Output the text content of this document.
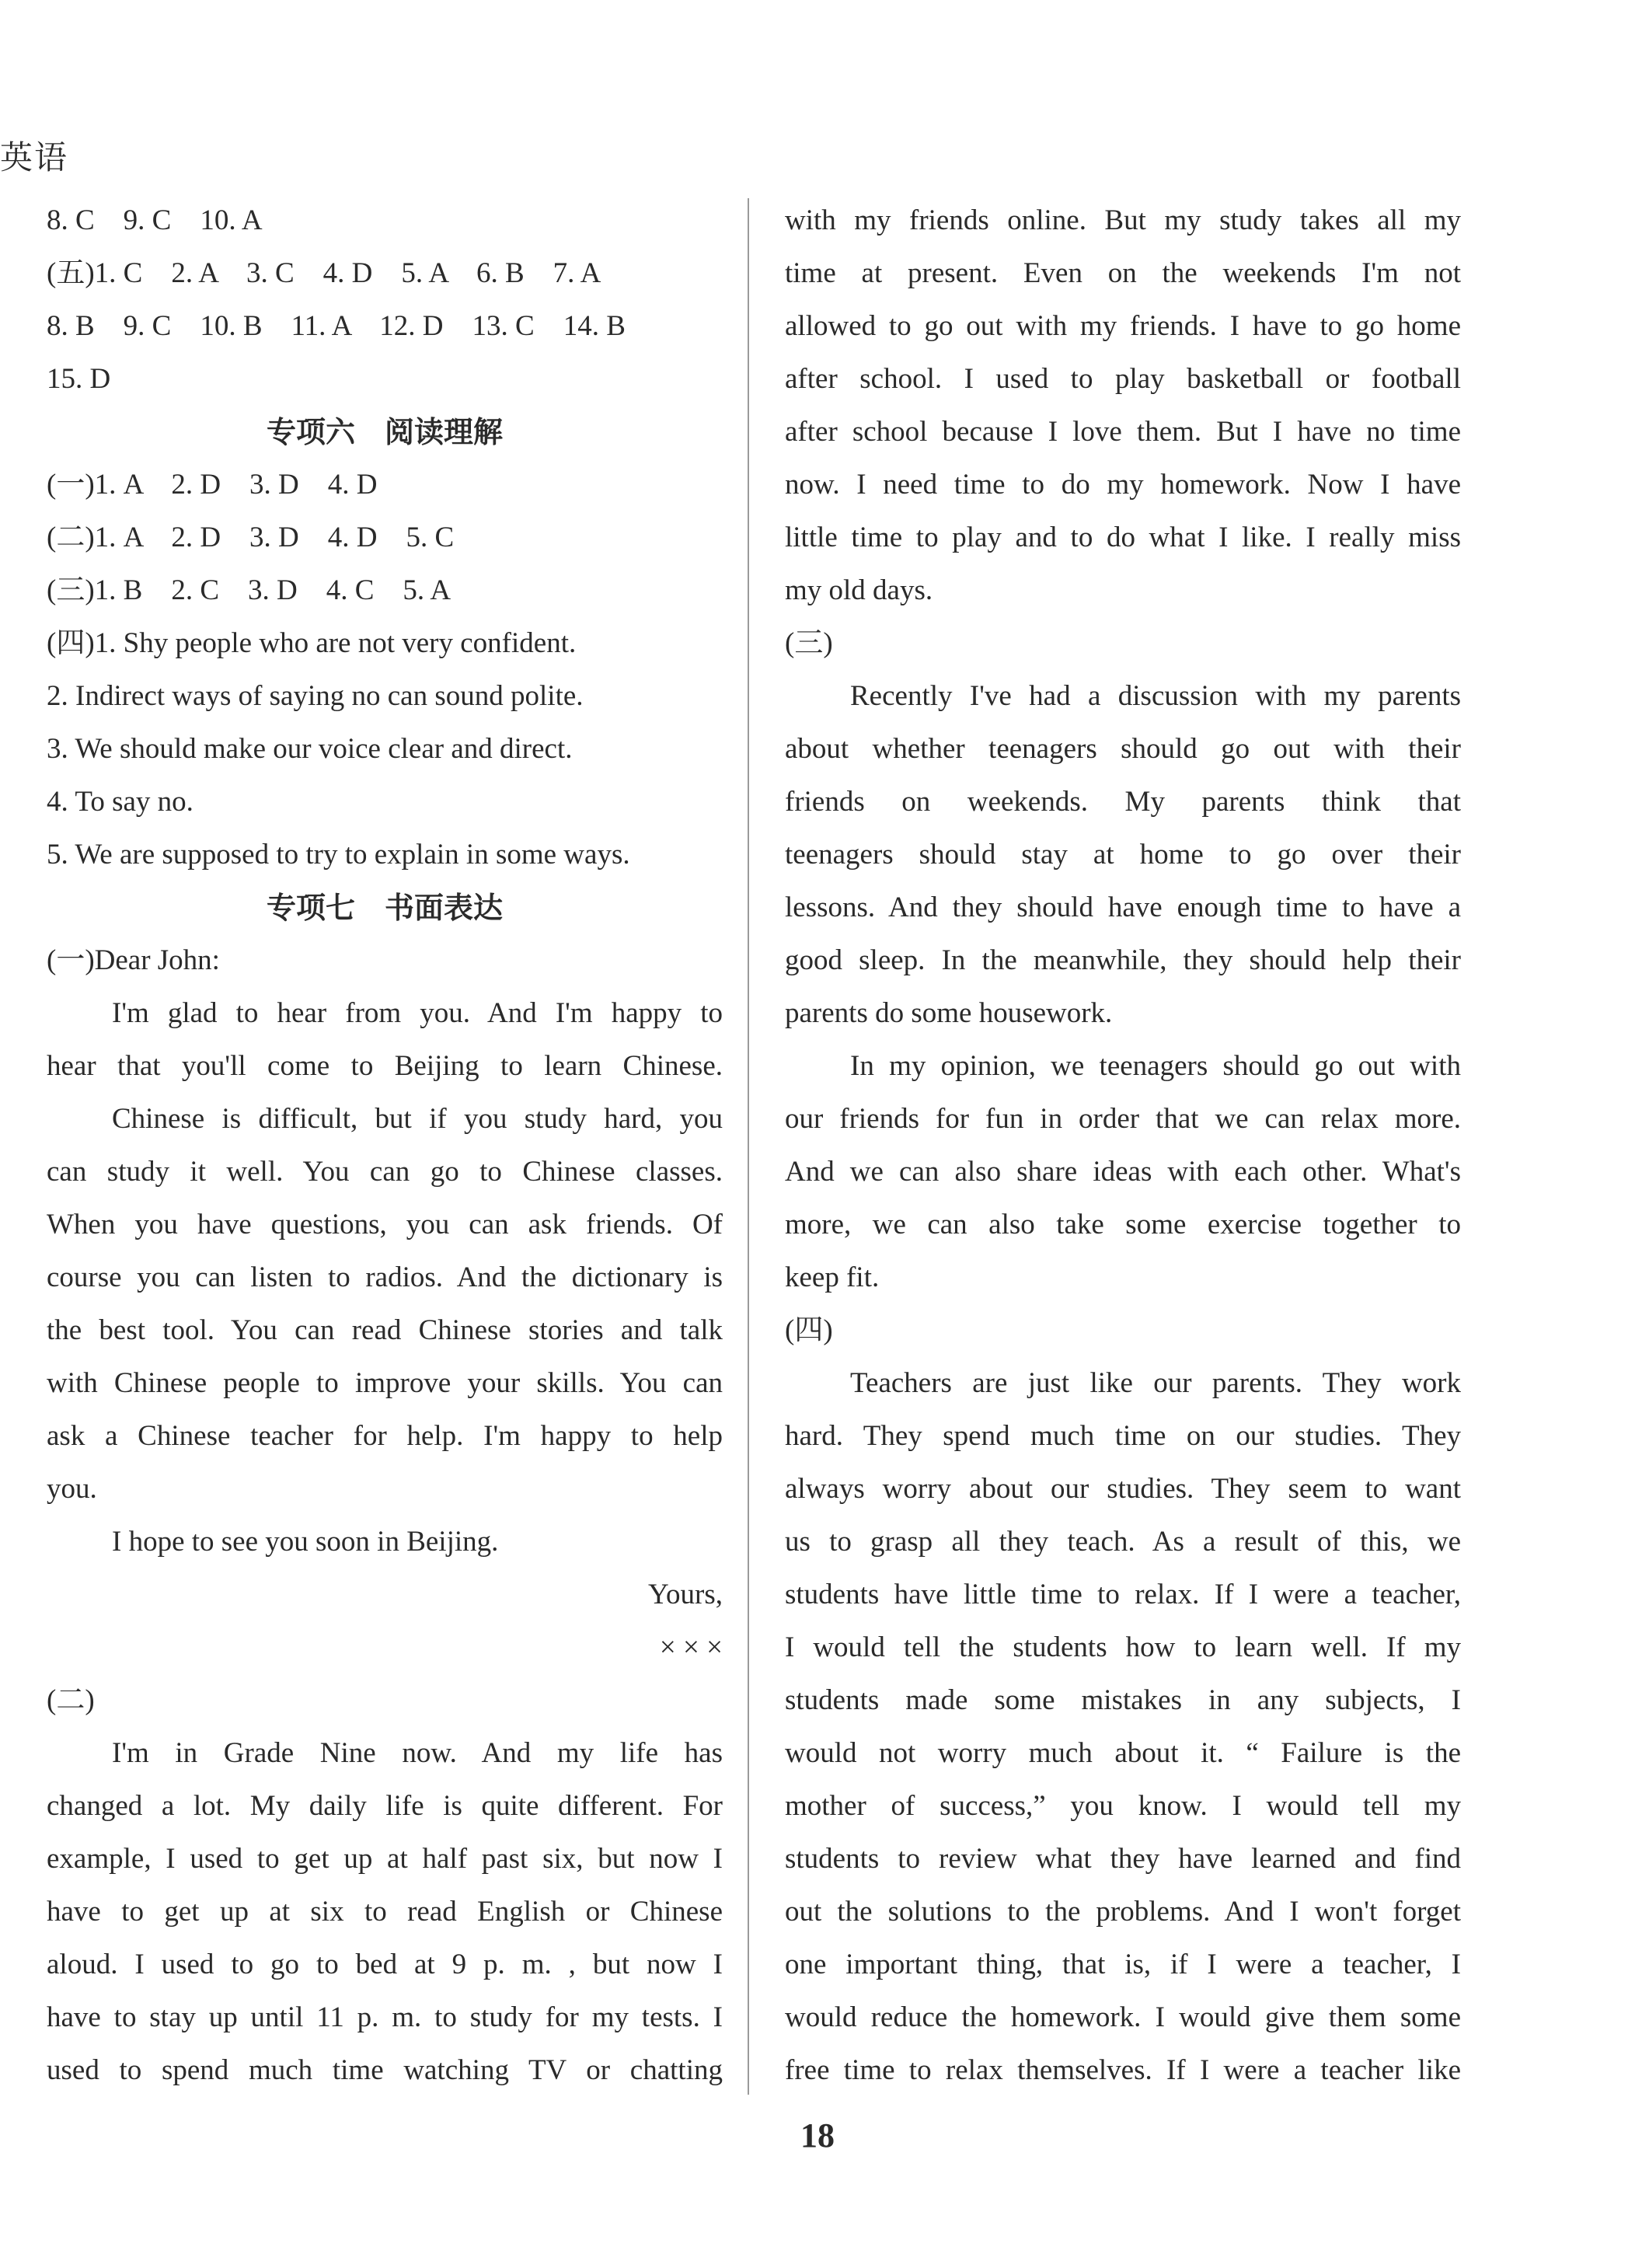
英语
8. C　9. C　10. A
(五)1. C　2. A　3. C　4. D　5. A　6. B　7. A
8. B　9. C　10. B　11. A　12. D　13. C　14. B
15. D
专项六　阅读理解
(一)1. A　2. D　3. D　4. D
(二)1. A　2. D　3. D　4. D　5. C
(三)1. B　2. C　3. D　4. C　5. A
(四)1. Shy people who are not very confident.
2. Indirect ways of saying no can sound polite.
3. We should make our voice clear and direct.
4. To say no.
5. We are supposed to try to explain in some ways.
专项七　书面表达
(一)Dear John:
I'm glad to hear from you. And I'm happy to
hear that you'll come to Beijing to learn Chinese.
Chinese is difficult, but if you study hard, you
can study it well. You can go to Chinese classes.
When you have questions, you can ask friends. Of
course you can listen to radios. And the dictionary is
the best tool. You can read Chinese stories and talk
with Chinese people to improve your skills. You can
ask a Chinese teacher for help. I'm happy to help
you.
I hope to see you soon in Beijing.
Yours,
× × ×
(二)
I'm in Grade Nine now. And my life has
changed a lot. My daily life is quite different. For
example, I used to get up at half past six, but now I
have to get up at six to read English or Chinese
aloud. I used to go to bed at 9 p. m. , but now I
have to stay up until 11 p. m. to study for my tests. I
used to spend much time watching TV or chatting
with my friends online. But my study takes all my
time at present. Even on the weekends I'm not
allowed to go out with my friends. I have to go home
after school. I used to play basketball or football
after school because I love them. But I have no time
now. I need time to do my homework. Now I have
little time to play and to do what I like. I really miss
my old days.
(三)
Recently I've had a discussion with my parents
about whether teenagers should go out with their
friends on weekends. My parents think that
teenagers should stay at home to go over their
lessons. And they should have enough time to have a
good sleep. In the meanwhile, they should help their
parents do some housework.
In my opinion, we teenagers should go out with
our friends for fun in order that we can relax more.
And we can also share ideas with each other. What's
more, we can also take some exercise together to
keep fit.
(四)
Teachers are just like our parents. They work
hard. They spend much time on our studies. They
always worry about our studies. They seem to want
us to grasp all they teach. As a result of this, we
students have little time to relax. If I were a teacher,
I would tell the students how to learn well. If my
students made some mistakes in any subjects, I
would not worry much about it. “ Failure is the
mother of success,” you know. I would tell my
students to review what they have learned and find
out the solutions to the problems. And I won't forget
one important thing, that is, if I were a teacher, I
would reduce the homework. I would give them some
free time to relax themselves. If I were a teacher like
18
